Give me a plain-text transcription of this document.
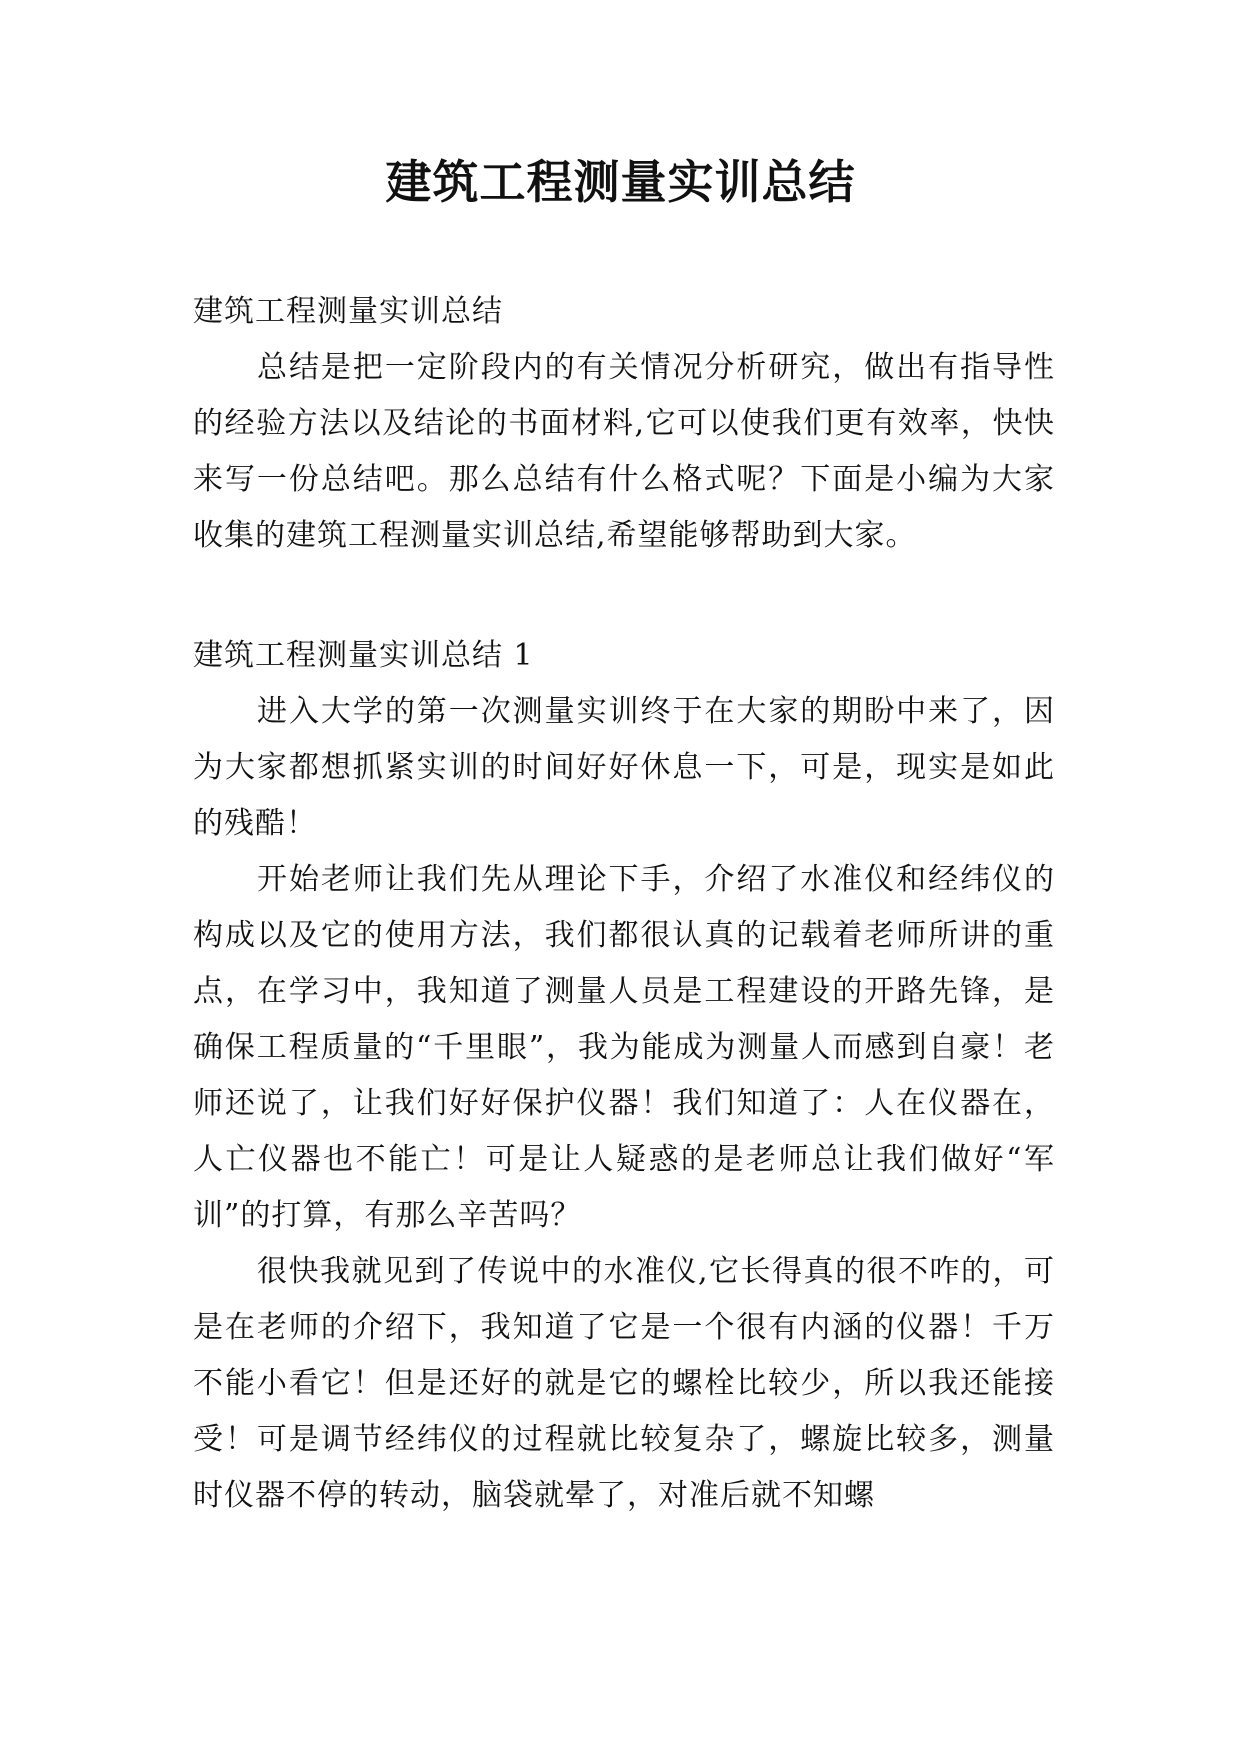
建筑工程测量实训总结

建筑工程测量实训总结

总结是把一定阶段内的有关情况分析研究，做出有指导性的经验方法以及结论的书面材料,它可以使我们更有效率，快快来写一份总结吧。那么总结有什么格式呢？下面是小编为大家收集的建筑工程测量实训总结,希望能够帮助到大家。

建筑工程测量实训总结 1

进入大学的第一次测量实训终于在大家的期盼中来了，因为大家都想抓紧实训的时间好好休息一下，可是，现实是如此的残酷！

开始老师让我们先从理论下手，介绍了水准仪和经纬仪的构成以及它的使用方法，我们都很认真的记载着老师所讲的重点，在学习中，我知道了测量人员是工程建设的开路先锋，是确保工程质量的“千里眼”，我为能成为测量人而感到自豪！老师还说了，让我们好好保护仪器！我们知道了：人在仪器在，人亡仪器也不能亡！可是让人疑惑的是老师总让我们做好“军训”的打算，有那么辛苦吗？

很快我就见到了传说中的水准仪,它长得真的很不咋的，可是在老师的介绍下，我知道了它是一个很有内涵的仪器！千万不能小看它！但是还好的就是它的螺栓比较少，所以我还能接受！可是调节经纬仪的过程就比较复杂了，螺旋比较多，测量时仪器不停的转动，脑袋就晕了，对准后就不知螺
